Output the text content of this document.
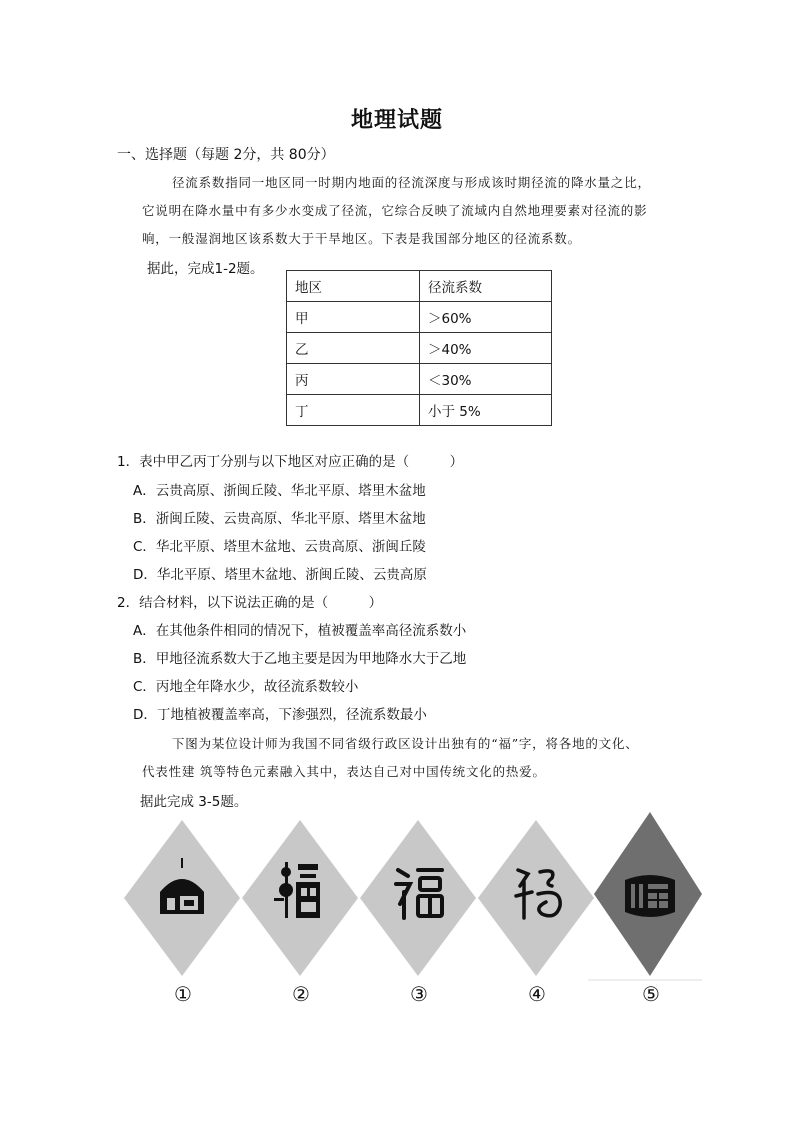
地理试题
一、选择题（每题 2分，共 80分）
径流系数指同一地区同一时期内地面的径流深度与形成该时期径流的降水量之比，
它说明在降水量中有多少水变成了径流，它综合反映了流域内自然地理要素对径流的影
响，一般湿润地区该系数大于干旱地区。下表是我国部分地区的径流系数。
据此，完成1-2题。
地区	径流系数
甲	＞60%
乙	＞40%
丙	＜30%
丁	小于 5%
1．表中甲乙丙丁分别与以下地区对应正确的是（　　　）
A．云贵高原、浙闽丘陵、华北平原、塔里木盆地
B．浙闽丘陵、云贵高原、华北平原、塔里木盆地
C．华北平原、塔里木盆地、云贵高原、浙闽丘陵
D．华北平原、塔里木盆地、浙闽丘陵、云贵高原
2．结合材料，以下说法正确的是（　　　）
A．在其他条件相同的情况下，植被覆盖率高径流系数小
B．甲地径流系数大于乙地主要是因为甲地降水大于乙地
C．丙地全年降水少，故径流系数较小
D．丁地植被覆盖率高，下渗强烈，径流系数最小
下图为某位设计师为我国不同省级行政区设计出独有的“福”字，将各地的文化、
代表性建 筑等特色元素融入其中，表达自己对中国传统文化的热爱。
据此完成 3-5题。
①	②	③	④	⑤
